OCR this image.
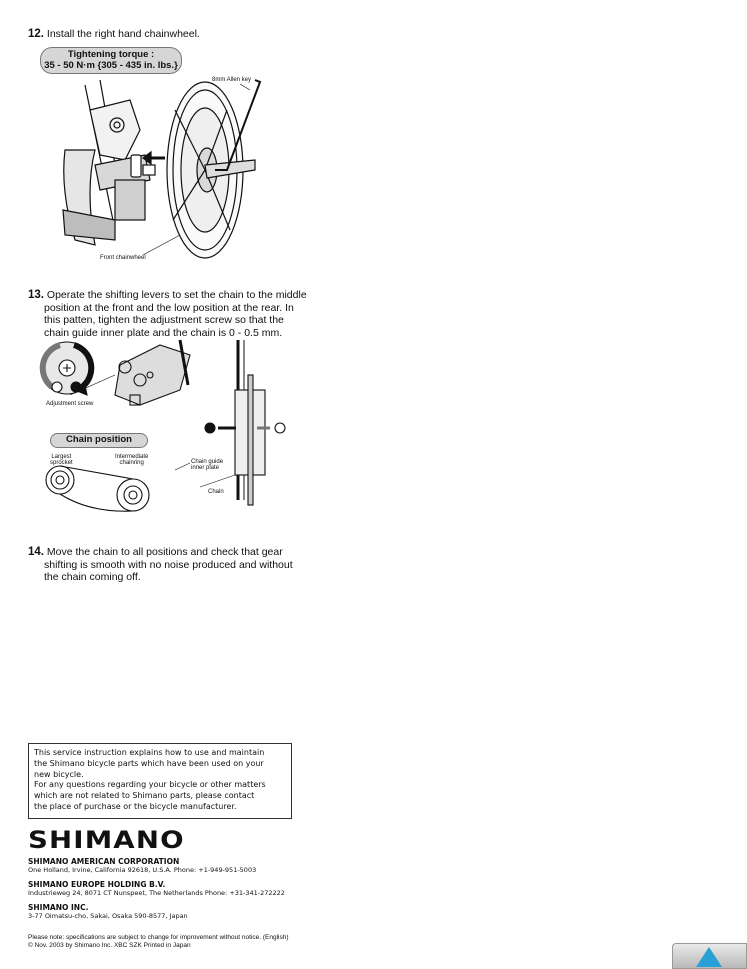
12. Install the right hand chainwheel.
Tightening torque :
35 - 50 N·m {305 - 435 in. lbs.}
8mm Allen key
Front chainwheel
13. Operate the shifting levers to set the chain to the middle
position at the front and the low position at the rear. In
this patten, tighten the adjustment screw so that the
chain guide inner plate and the chain is 0 - 0.5 mm.
Adjustment screw
Chain position
Largest
sprocket
Intermediate
chainring	Chain guide
inner plate
Chain
14. Move the chain to all positions and check that gear
shifting is smooth with no noise produced and without
the chain coming off.

This service instruction explains how to use and maintain

the Shimano bicycle parts which have been used on your

new bicycle.

For any questions regarding your bicycle or other matters

which are not related to Shimano parts, please contact

the place of purchase or the bicycle manufacturer.

SHIMANO
SHIMANO AMERICAN CORPORATION
One Holland, Irvine, California 92618, U.S.A. Phone: +1-949-951-5003
SHIMANO EUROPE HOLDING B.V.
Industrieweg 24, 8071 CT Nunspeet, The Netherlands Phone: +31-341-272222
SHIMANO INC.
3-77 Oimatsu-cho, Sakai, Osaka 590-8577, Japan
Please note: specifications are subject to change for improvement without notice. (English)
© Nov. 2003 by Shimano Inc. XBC SZK Printed in Japan
